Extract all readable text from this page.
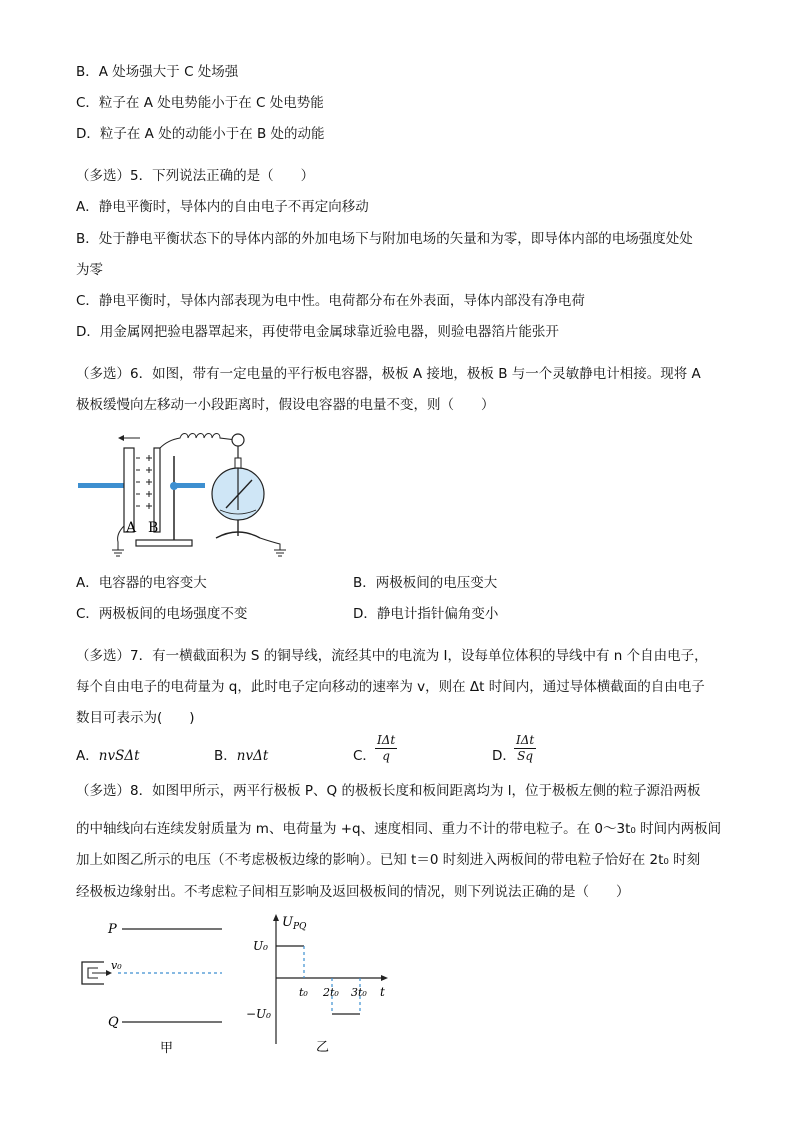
B．A 处场强大于 C 处场强
C．粒子在 A 处电势能小于在 C 处电势能
D．粒子在 A 处的动能小于在 B 处的动能
（多选）5．下列说法正确的是（　　）
A．静电平衡时，导体内的自由电子不再定向移动
B．处于静电平衡状态下的导体内部的外加电场下与附加电场的矢量和为零，即导体内部的电场强度处处
为零
C．静电平衡时，导体内部表现为电中性。电荷都分布在外表面，导体内部没有净电荷
D．用金属网把验电器罩起来，再使带电金属球靠近验电器，则验电器箔片能张开
（多选）6．如图，带有一定电量的平行板电容器，极板 A 接地，极板 B 与一个灵敏静电计相接。现将 A
极板缓慢向左移动一小段距离时，假设电容器的电量不变，则（　　）
A B
A．电容器的电容变大	B．两极板间的电压变大
C．两极板间的电场强度不变	D．静电计指针偏角变小
（多选）7．有一横截面积为 S 的铜导线，流经其中的电流为 I，设每单位体积的导线中有 n 个自由电子，
每个自由电子的电荷量为 q，此时电子定向移动的速率为 v，则在 Δt 时间内，通过导体横截面的自由电子
数目可表示为(　　)
A．nvSΔt	B．nvΔt	C．
IΔt
q	D．
IΔt
Sq
（多选）8．如图甲所示，两平行极板 P、Q 的极板长度和板间距离均为 l，位于极板左侧的粒子源沿两板
的中轴线向右连续发射质量为 m、电荷量为 +q、速度相同、重力不计的带电粒子。在 0～3t₀ 时间内两板间
加上如图乙所示的电压（不考虑极板边缘的影响）。已知 t＝0 时刻进入两板间的带电粒子恰好在 2t₀ 时刻
经极板边缘射出。不考虑粒子间相互影响及返回极板间的情况，则下列说法正确的是（　　）
P
Q
v₀
甲
$U_{PQ}$
U₀
−U₀
t₀ 2t₀ 3t₀ t
乙
